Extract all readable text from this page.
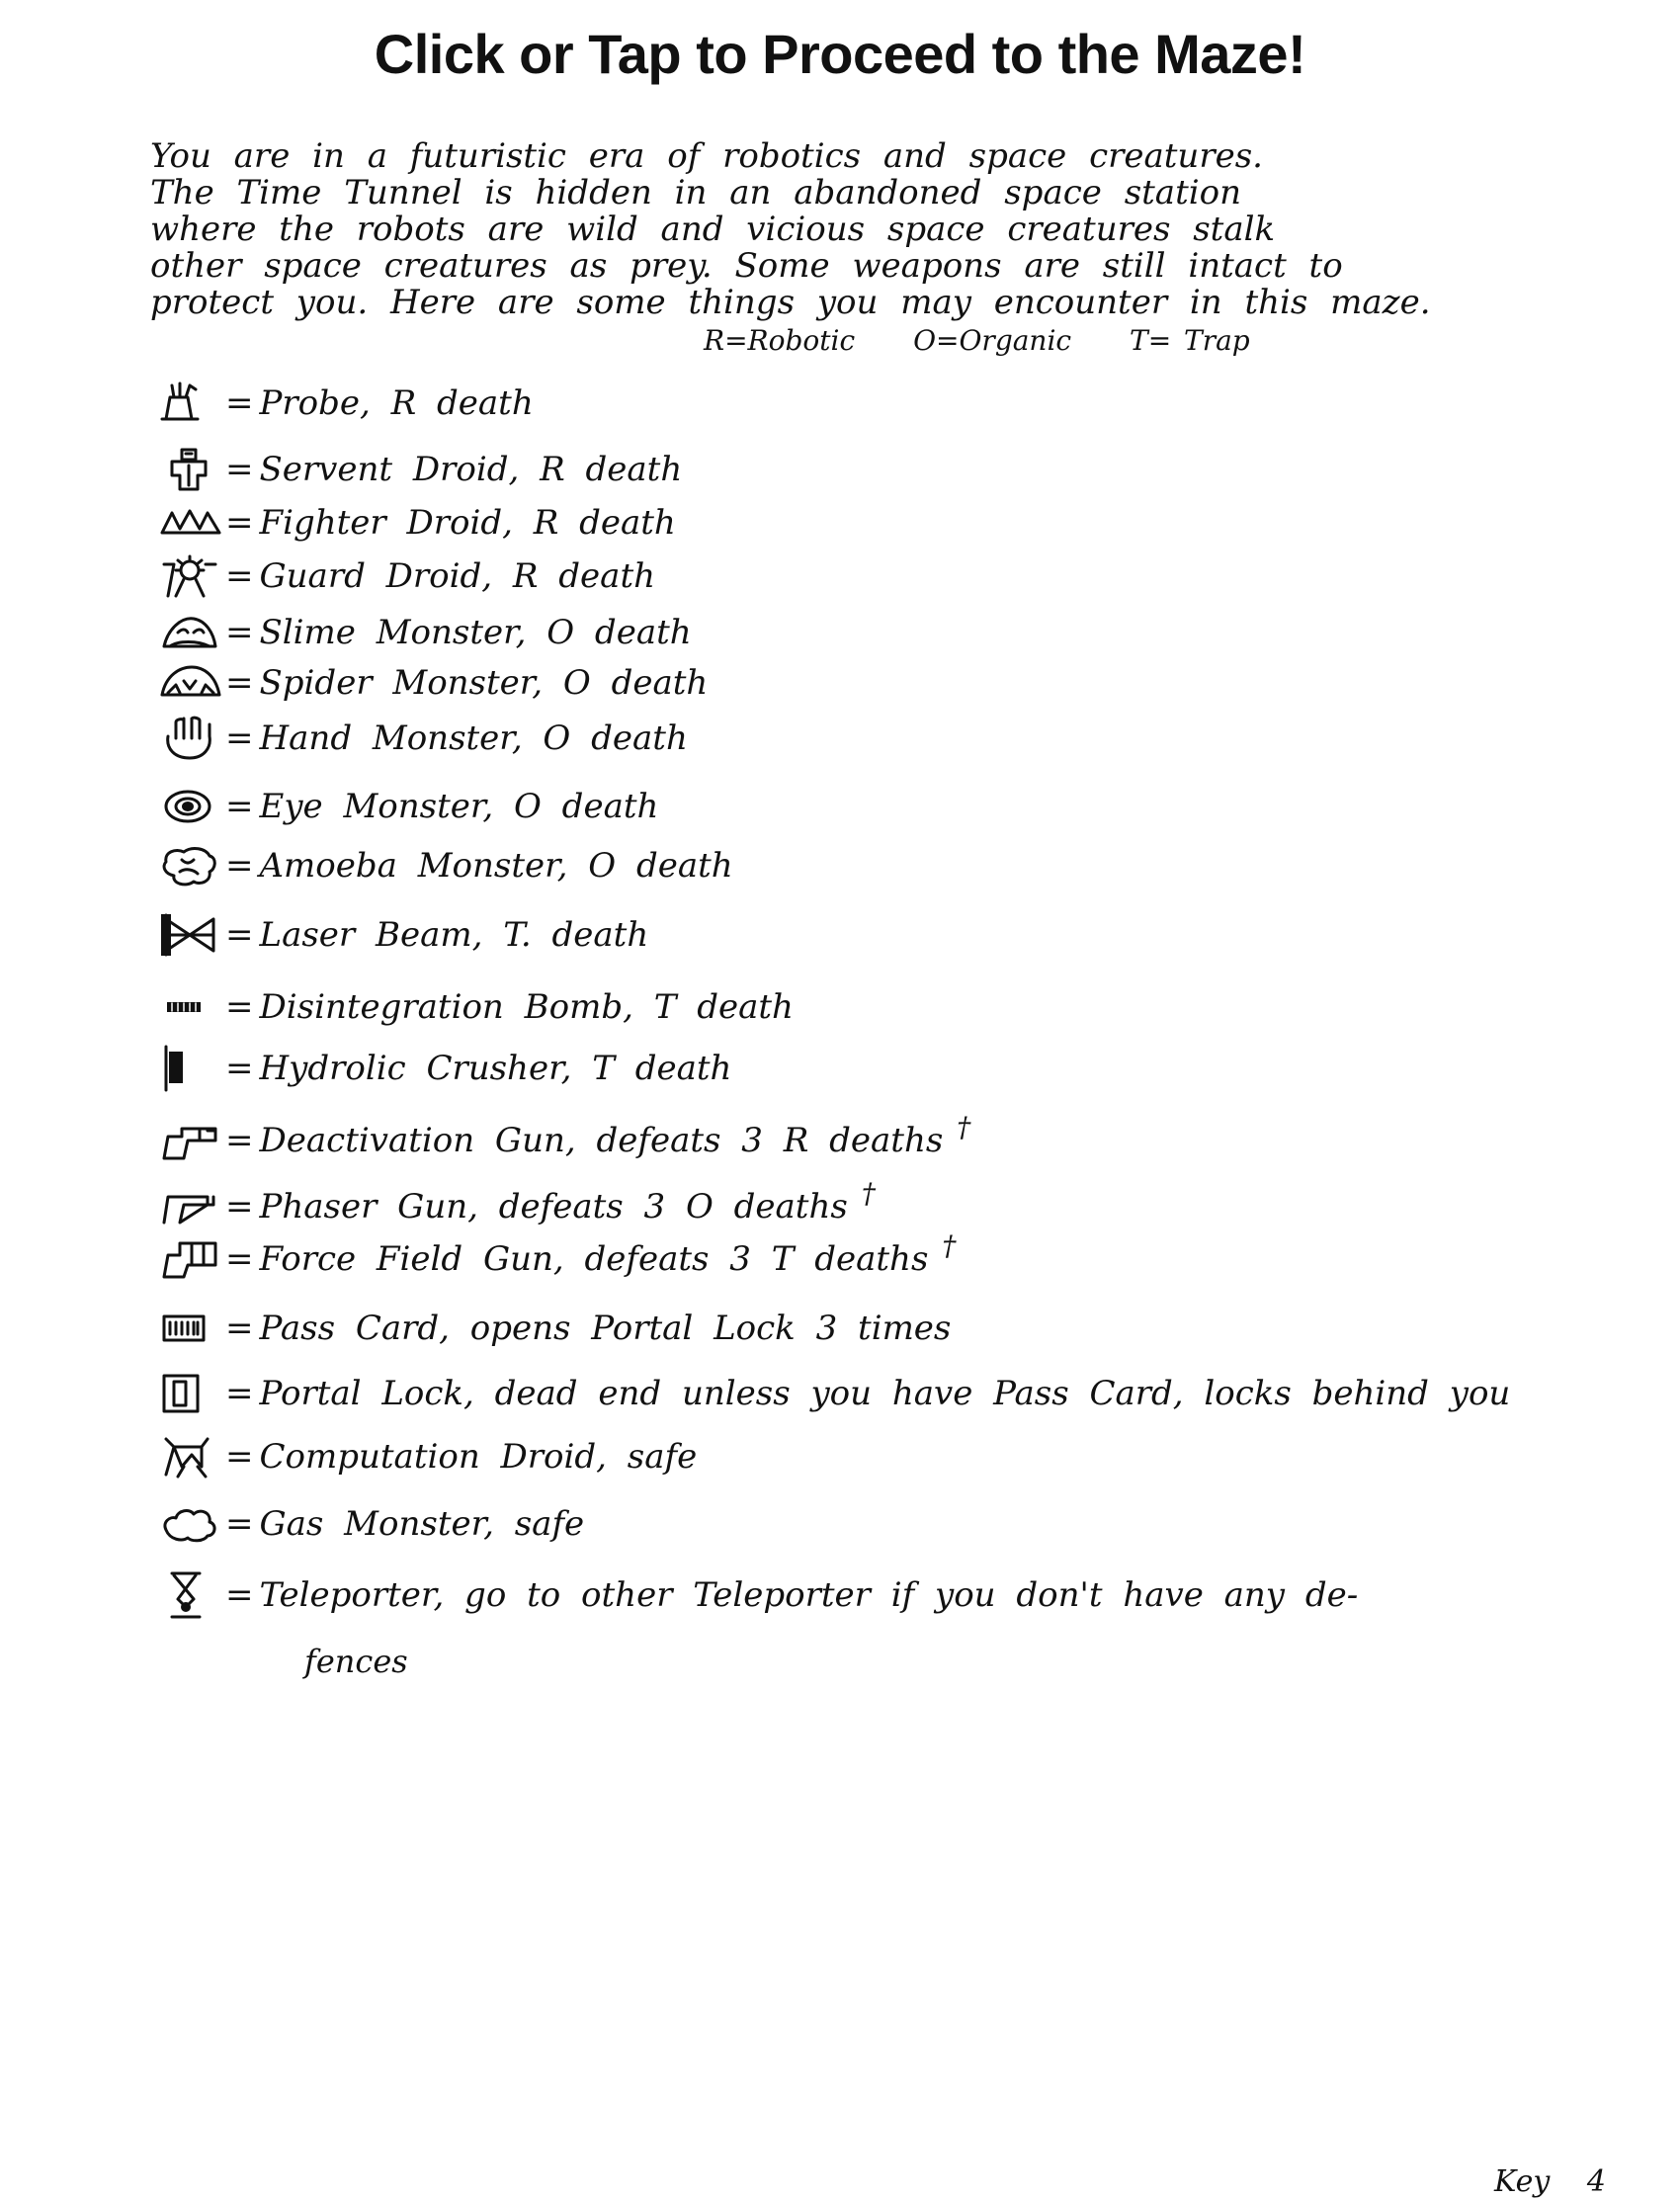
Click or Tap to Proceed to the Maze!
You are in a futuristic era of robotics and space creatures.
The Time Tunnel is hidden in an abandoned space station
where the robots are wild and vicious space creatures stalk
other space creatures as prey. Some weapons are still intact to
protect you. Here are some things you may encounter in this maze.
R=Robotic O=Organic T= Trap
= Probe, R death
= Servent Droid, R death
= Fighter Droid, R death
= Guard Droid, R death
= Slime Monster, O death
= Spider Monster, O death
= Hand Monster, O death
= Eye Monster, O death
= Amoeba Monster, O death
= Laser Beam, T. death
= Disintegration Bomb, T death
= Hydrolic Crusher, T death
= Deactivation Gun, defeats 3 R deaths †
= Phaser Gun, defeats 3 O deaths †
= Force Field Gun, defeats 3 T deaths †
= Pass Card, opens Portal Lock 3 times
= Portal Lock, dead end unless you have Pass Card, locks behind you
= Computation Droid, safe
= Gas Monster, safe
= Teleporter, go to other Teleporter if you don't have any de-
fences
Key 4
